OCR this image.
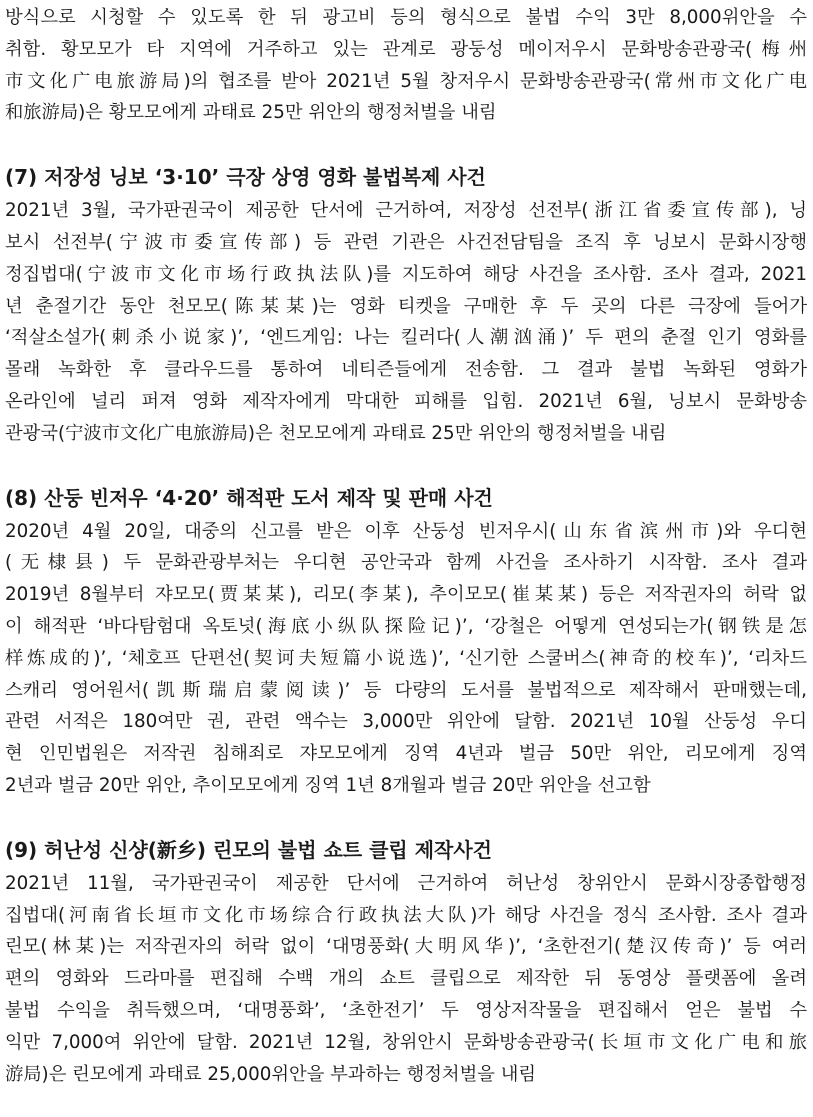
방식으로 시청할 수 있도록 한 뒤 광고비 등의 형식으로 불법 수익 3만 8,000위안을 수
취함. 황모모가 타 지역에 거주하고 있는 관계로 광둥성 메이저우시 문화방송관광국(梅州
市文化广电旅游局)의 협조를 받아 2021년 5월 창저우시 문화방송관광국(常州市文化广电
和旅游局)은 황모모에게 과태료 25만 위안의 행정처벌을 내림

(7) 저장성 닝보 ‘3·10’ 극장 상영 영화 불법복제 사건

2021년 3월, 국가판권국이 제공한 단서에 근거하여, 저장성 선전부(浙江省委宣传部), 닝
보시 선전부(宁波市委宣传部) 등 관련 기관은 사건전담팀을 조직 후 닝보시 문화시장행
정집법대(宁波市文化市场行政执法队)를 지도하여 해당 사건을 조사함. 조사 결과, 2021
년 춘절기간 동안 천모모(陈某某)는 영화 티켓을 구매한 후 두 곳의 다른 극장에 들어가
‘적살소설가(刺杀小说家)’, ‘엔드게임: 나는 킬러다(人潮汹涌)’ 두 편의 춘절 인기 영화를
몰래 녹화한 후 클라우드를 통하여 네티즌들에게 전송함. 그 결과 불법 녹화된 영화가
온라인에 널리 퍼져 영화 제작자에게 막대한 피해를 입힘. 2021년 6월, 닝보시 문화방송
관광국(宁波市文化广电旅游局)은 천모모에게 과태료 25만 위안의 행정처벌을 내림

(8) 산둥 빈저우 ‘4·20’ 해적판 도서 제작 및 판매 사건

2020년 4월 20일, 대중의 신고를 받은 이후 산둥성 빈저우시(山东省滨州市)와 우디현
(无棣县) 두 문화관광부처는 우디현 공안국과 함께 사건을 조사하기 시작함. 조사 결과
2019년 8월부터 쟈모모(贾某某), 리모(李某), 추이모모(崔某某) 등은 저작권자의 허락 없
이 해적판 ‘바다탐험대 옥토넛(海底小纵队探险记)’, ‘강철은 어떻게 연성되는가(钢铁是怎
样炼成的)’, ‘체호프 단편선(契诃夫短篇小说选)’, ‘신기한 스쿨버스(神奇的校车)’, ‘리차드
스캐리 영어원서(凯斯瑞启蒙阅读)’ 등 다량의 도서를 불법적으로 제작해서 판매했는데,
관련 서적은 180여만 권, 관련 액수는 3,000만 위안에 달함. 2021년 10월 산둥성 우디
현 인민법원은 저작권 침해죄로 쟈모모에게 징역 4년과 벌금 50만 위안, 리모에게 징역
2년과 벌금 20만 위안, 추이모모에게 징역 1년 8개월과 벌금 20만 위안을 선고함

(9) 허난성 신샹(新乡) 린모의 불법 쇼트 클립 제작사건

2021년 11월, 국가판권국이 제공한 단서에 근거하여 허난성 창위안시 문화시장종합행정
집법대(河南省长垣市文化市场综合行政执法大队)가 해당 사건을 정식 조사함. 조사 결과
린모(林某)는 저작권자의 허락 없이 ‘대명풍화(大明风华)’, ‘초한전기(楚汉传奇)’ 등 여러
편의 영화와 드라마를 편집해 수백 개의 쇼트 클립으로 제작한 뒤 동영상 플랫폼에 올려
불법 수익을 취득했으며, ‘대명풍화’, ‘초한전기’ 두 영상저작물을 편집해서 얻은 불법 수
익만 7,000여 위안에 달함. 2021년 12월, 창위안시 문화방송관광국(长垣市文化广电和旅
游局)은 린모에게 과태료 25,000위안을 부과하는 행정처벌을 내림
